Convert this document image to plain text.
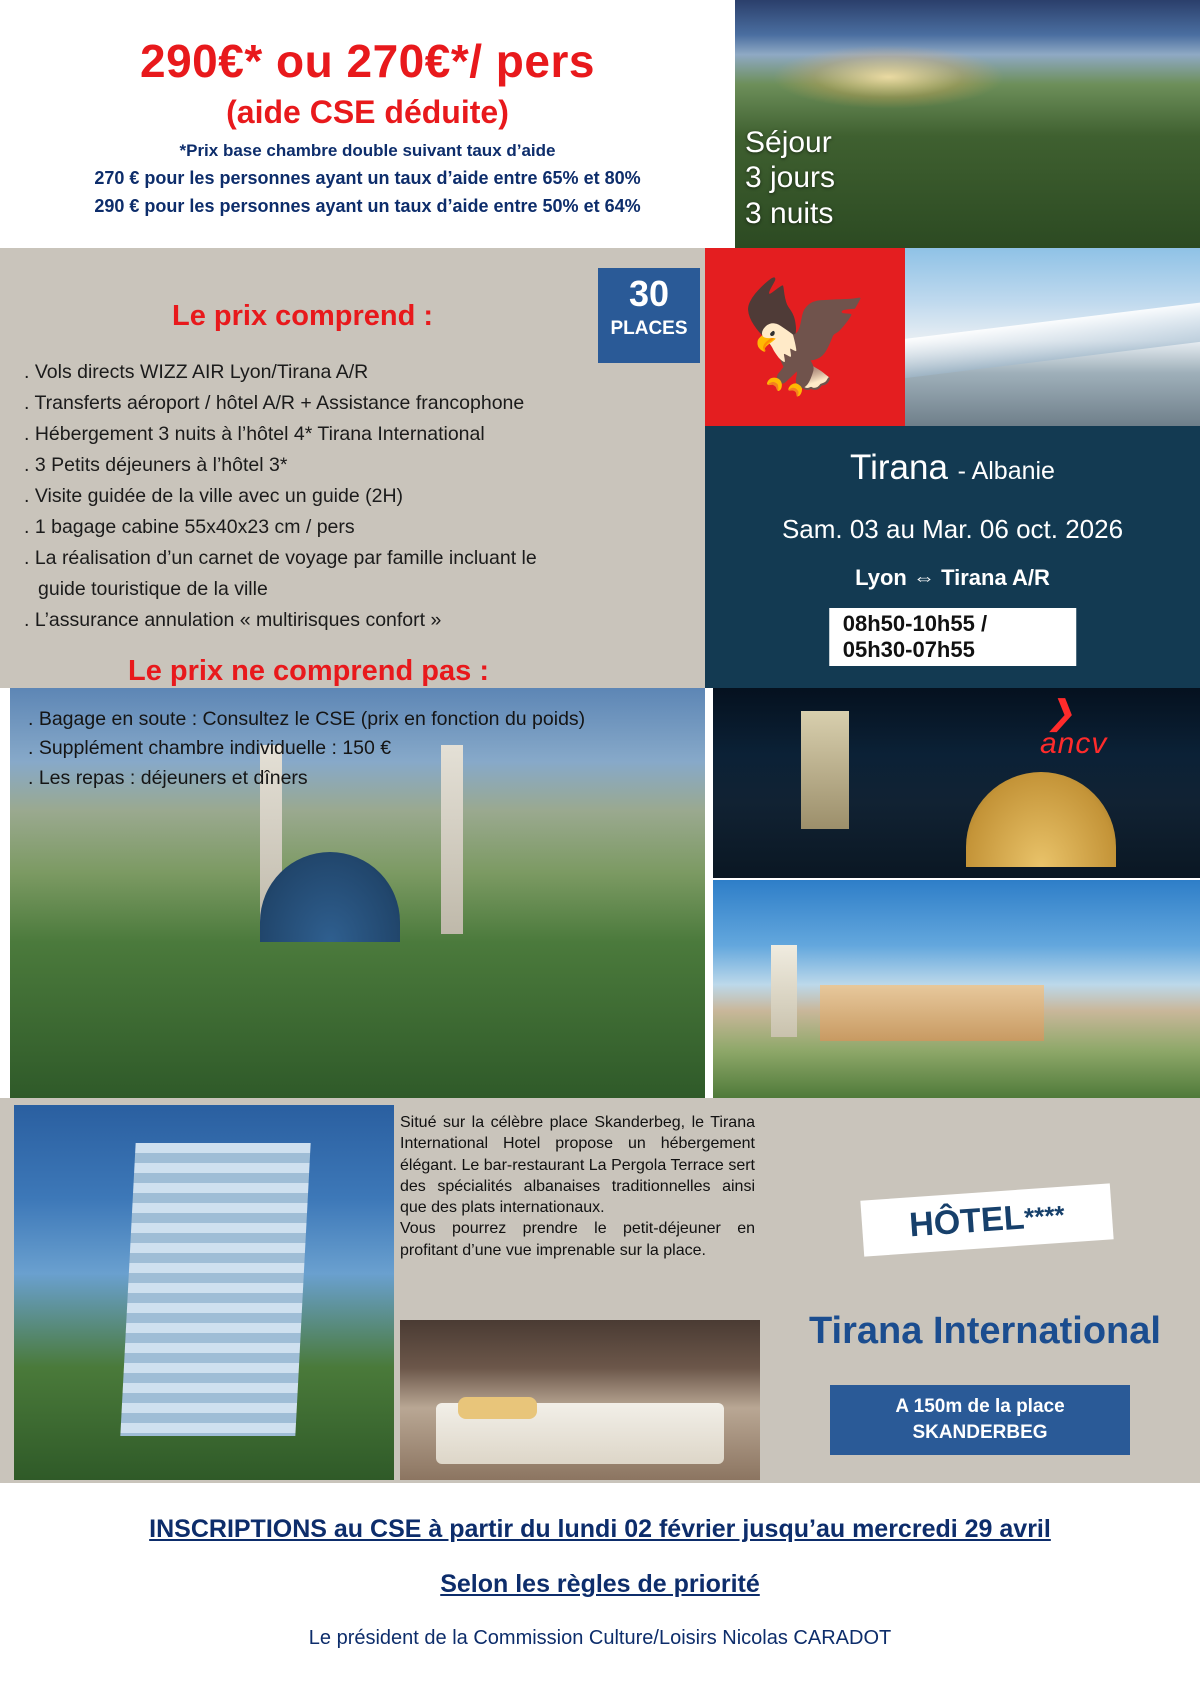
Séjour
3 jours
3 nuits
290€* ou 270€*/ pers
(aide CSE déduite)
*Prix base chambre double suivant taux d’aide
270 € pour les personnes ayant un taux d’aide entre 65% et 80%
290 € pour les personnes ayant un taux d’aide entre 50% et 64%
Le prix comprend :
. Vols directs WIZZ AIR Lyon/Tirana A/R
. Transferts aéroport / hôtel A/R + Assistance francophone
. Hébergement 3 nuits à l’hôtel 4* Tirana International
. 3 Petits déjeuners à l’hôtel 3*
. Visite guidée de la ville avec un guide (2H)
. 1 bagage cabine 55x40x23 cm / pers
. La réalisation d’un carnet de voyage par famille incluant le
guide touristique de la ville
. L’assurance annulation « multirisques confort »
Le prix ne comprend pas :
. Bagage en soute : Consultez le CSE (prix en fonction du poids)
. Supplément chambre individuelle : 150 €
. Les repas : déjeuners et dîners
30
PLACES 🦅
Tirana - Albanie
Sam. 03 au Mar. 06 oct. 2026
Lyon ⇔ Tirana A/R
08h50-10h55 / 05h30-07h55
❯
ancv

Situé sur la célèbre place Skanderbeg, le Tirana International Hotel propose un hébergement élégant. Le bar-restaurant La Pergola Terrace sert des spécialités albanaises traditionnelles ainsi que des plats internationaux.

Vous pourrez prendre le petit-déjeuner en profitant d’une vue imprenable sur la place.

HÔTEL
****
Tirana International
A 150m de la place
SKANDERBEG
INSCRIPTIONS au CSE à partir du lundi 02 février jusqu’au mercredi 29 avril
Selon les règles de priorité
Le président de la Commission Culture/Loisirs Nicolas CARADOT
